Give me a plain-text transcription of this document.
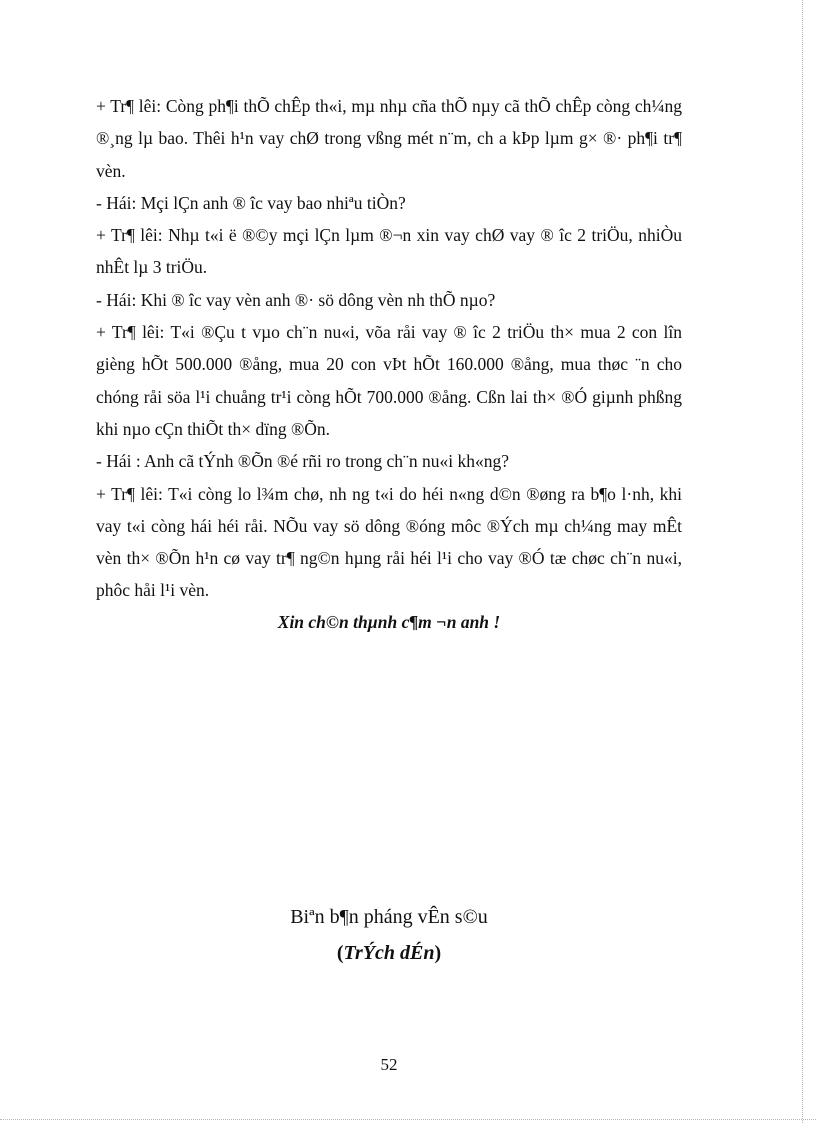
+ Tr¶ lêi: Còng ph¶i thÕ chÊp th«i, mµ nhµ cña thÕ nµy cã thÕ chÊp còng ch¼ng ®¸ng lµ bao. Thêi h¹n vay chØ trong vßng mét n¨m, ch a kÞp lµm g× ®· ph¶i tr¶ vèn.

- Hái: Mçi lÇn anh ® îc vay bao nhiªu tiÒn?

+ Tr¶ lêi: Nhµ t«i ë ®©y mçi lÇn lµm ®¬n xin vay chØ vay ® îc 2 triÖu, nhiÒu nhÊt lµ 3 triÖu.

- Hái: Khi ® îc vay vèn anh ®· sö dông vèn nh thÕ nµo?

+ Tr¶ lêi: T«i ®Çu t vµo ch¨n nu«i, võa råi vay ® îc 2 triÖu th× mua 2 con lîn gièng hÕt 500.000 ®ång, mua 20 con vÞt hÕt 160.000 ®ång, mua thøc ¨n cho chóng råi söa l¹i chuång tr¹i còng hÕt 700.000 ®ång. Cßn lai th× ®Ó giµnh phßng khi nµo cÇn thiÕt th× dïng ®Õn.

- Hái : Anh cã tÝnh ®Õn ®é rñi ro trong ch¨n nu«i kh«ng?

+ Tr¶ lêi: T«i còng lo l¾m chø, nh ng t«i do héi n«ng d©n ®øng ra b¶o l·nh, khi vay t«i còng hái héi råi. NÕu vay sö dông ®óng môc ®Ých mµ ch¼ng may mÊt vèn th× ®Õn h¹n cø vay tr¶ ng©n hµng råi héi l¹i cho vay ®Ó tæ chøc ch¨n nu«i, phôc håi l¹i vèn.

Xin ch©n thµnh c¶m ¬n anh !
Biªn b¶n pháng vÊn s©u
(TrÝch dÉn)
52
